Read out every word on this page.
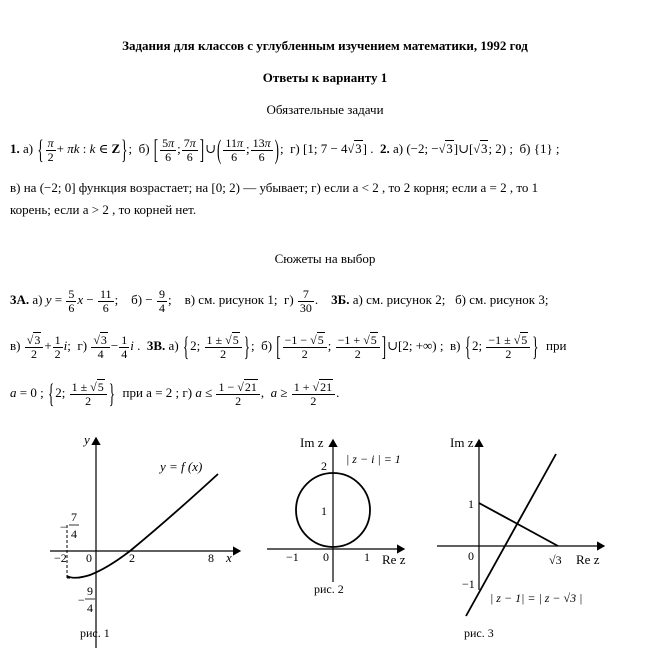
Задания для классов с углубленным изучением математики, 1992 год
Ответы к варианту 1
Обязательные задачи
1. а) { $\frac{\pi}{2} + \pi k$ : k ∈ Z};  б) [ $\frac{5\pi}{6}$ ; $\frac{7\pi}{6}$ ]∪( $\frac{11\pi}{6}$ ; $\frac{13\pi}{6}$ );  г) [1; 7 − 4√3] .  2. а) (−2; −√3]∪[√3; 2) ;  б) {1} ;
в) на (−2; 0] функция возрастает; на [0; 2) — убывает; г) если a < 2 , то 2 корня; если a = 2 , то 1
корень; если a > 2 , то корней нет.
Сюжеты на выбор
3А. а) $y = \frac{5}{6}$ $x - \frac{11}{6}$ ;    $б) - \frac{9}{4}$ ;    в) см. рисунок 1;  $г) \frac{7}{30}$ .    3Б. а) см. рисунок 2; б) см. рисунок 3;
$в) \frac{√3}{2} + \frac{1}{2} i$;  $г) \frac{√3}{4} - \frac{1}{4}$ i .  3В. а) {2; $\frac{1 \pm √5}{2}$ };  б) [ $\frac{-1 - √5}{2}$ ; $\frac{-1 + √5}{2}$ ]∪[2; +∞) ;  в) {2; $\frac{-1 \pm √5}{2}$ } при
a = 0 ; {2; $\frac{1 \pm √5}{2}$ } при a = 2 ; г) $a \le \frac{1 - √21}{2}$ ,  $a \ge \frac{1 + √21}{2}$ .
y
x
y = f (x)
−2 0	2	8
−
7
4
−
9
4
рис. 1
Im z
| z − i | = 1
2
1
0
−1	1 Re z
рис. 2
Im z
1
0
−1
√3 Re z
| z − 1| = | z − √3 |
рис. 3
